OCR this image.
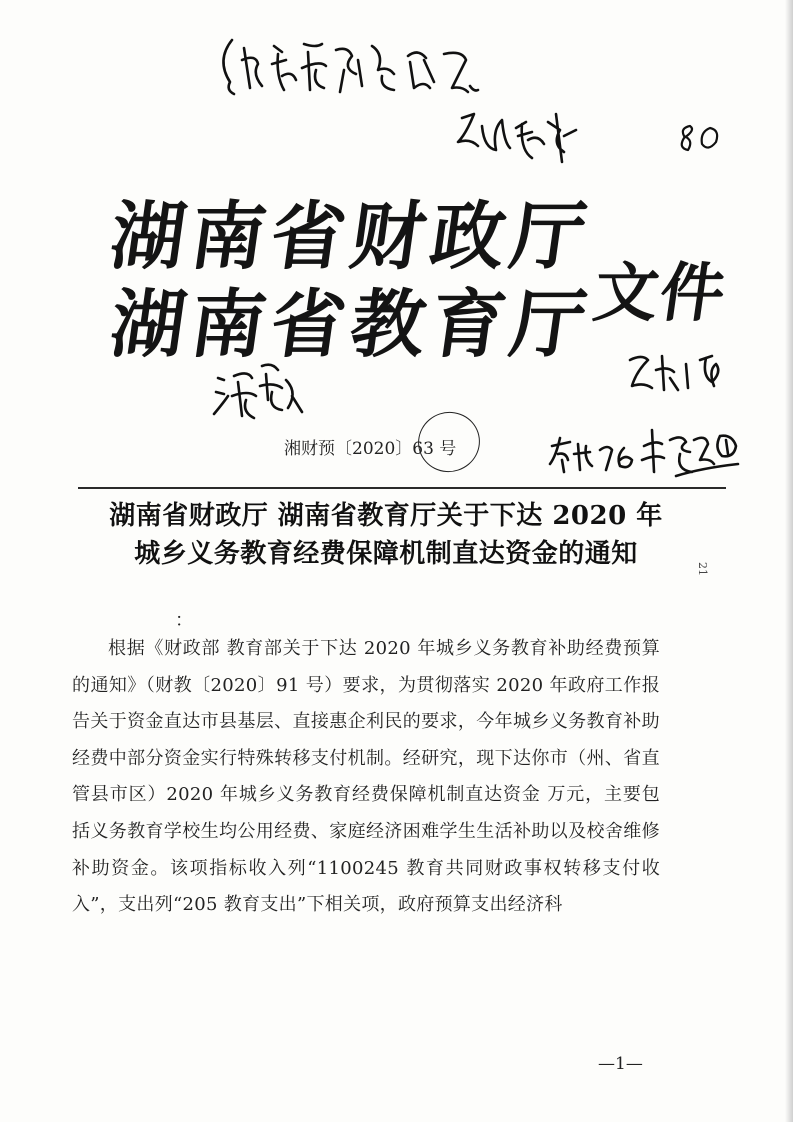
湖南省财政厅
湖南省教育厅
文件
湘财预〔2020〕63 号
湖南省财政厅 湖南省教育厅关于下达 2020 年
城乡义务教育经费保障机制直达资金的通知	21
：

根据《财政部 教育部关于下达 2020 年城乡义务教育补助经费预算的通知》（财教〔2020〕91 号）要求，为贯彻落实 2020 年政府工作报告关于资金直达市县基层、直接惠企利民的要求，今年城乡义务教育补助经费中部分资金实行特殊转移支付机制。经研究，现下达你市（州、省直管县市区）2020 年城乡义务教育经费保障机制直达资金 万元，主要包括义务教育学校生均公用经费、家庭经济困难学生生活补助以及校舍维修补助资金。该项指标收入列“1100245 教育共同财政事权转移支付收入”，支出列“205 教育支出”下相关项，政府预算支出经济科

—1—
